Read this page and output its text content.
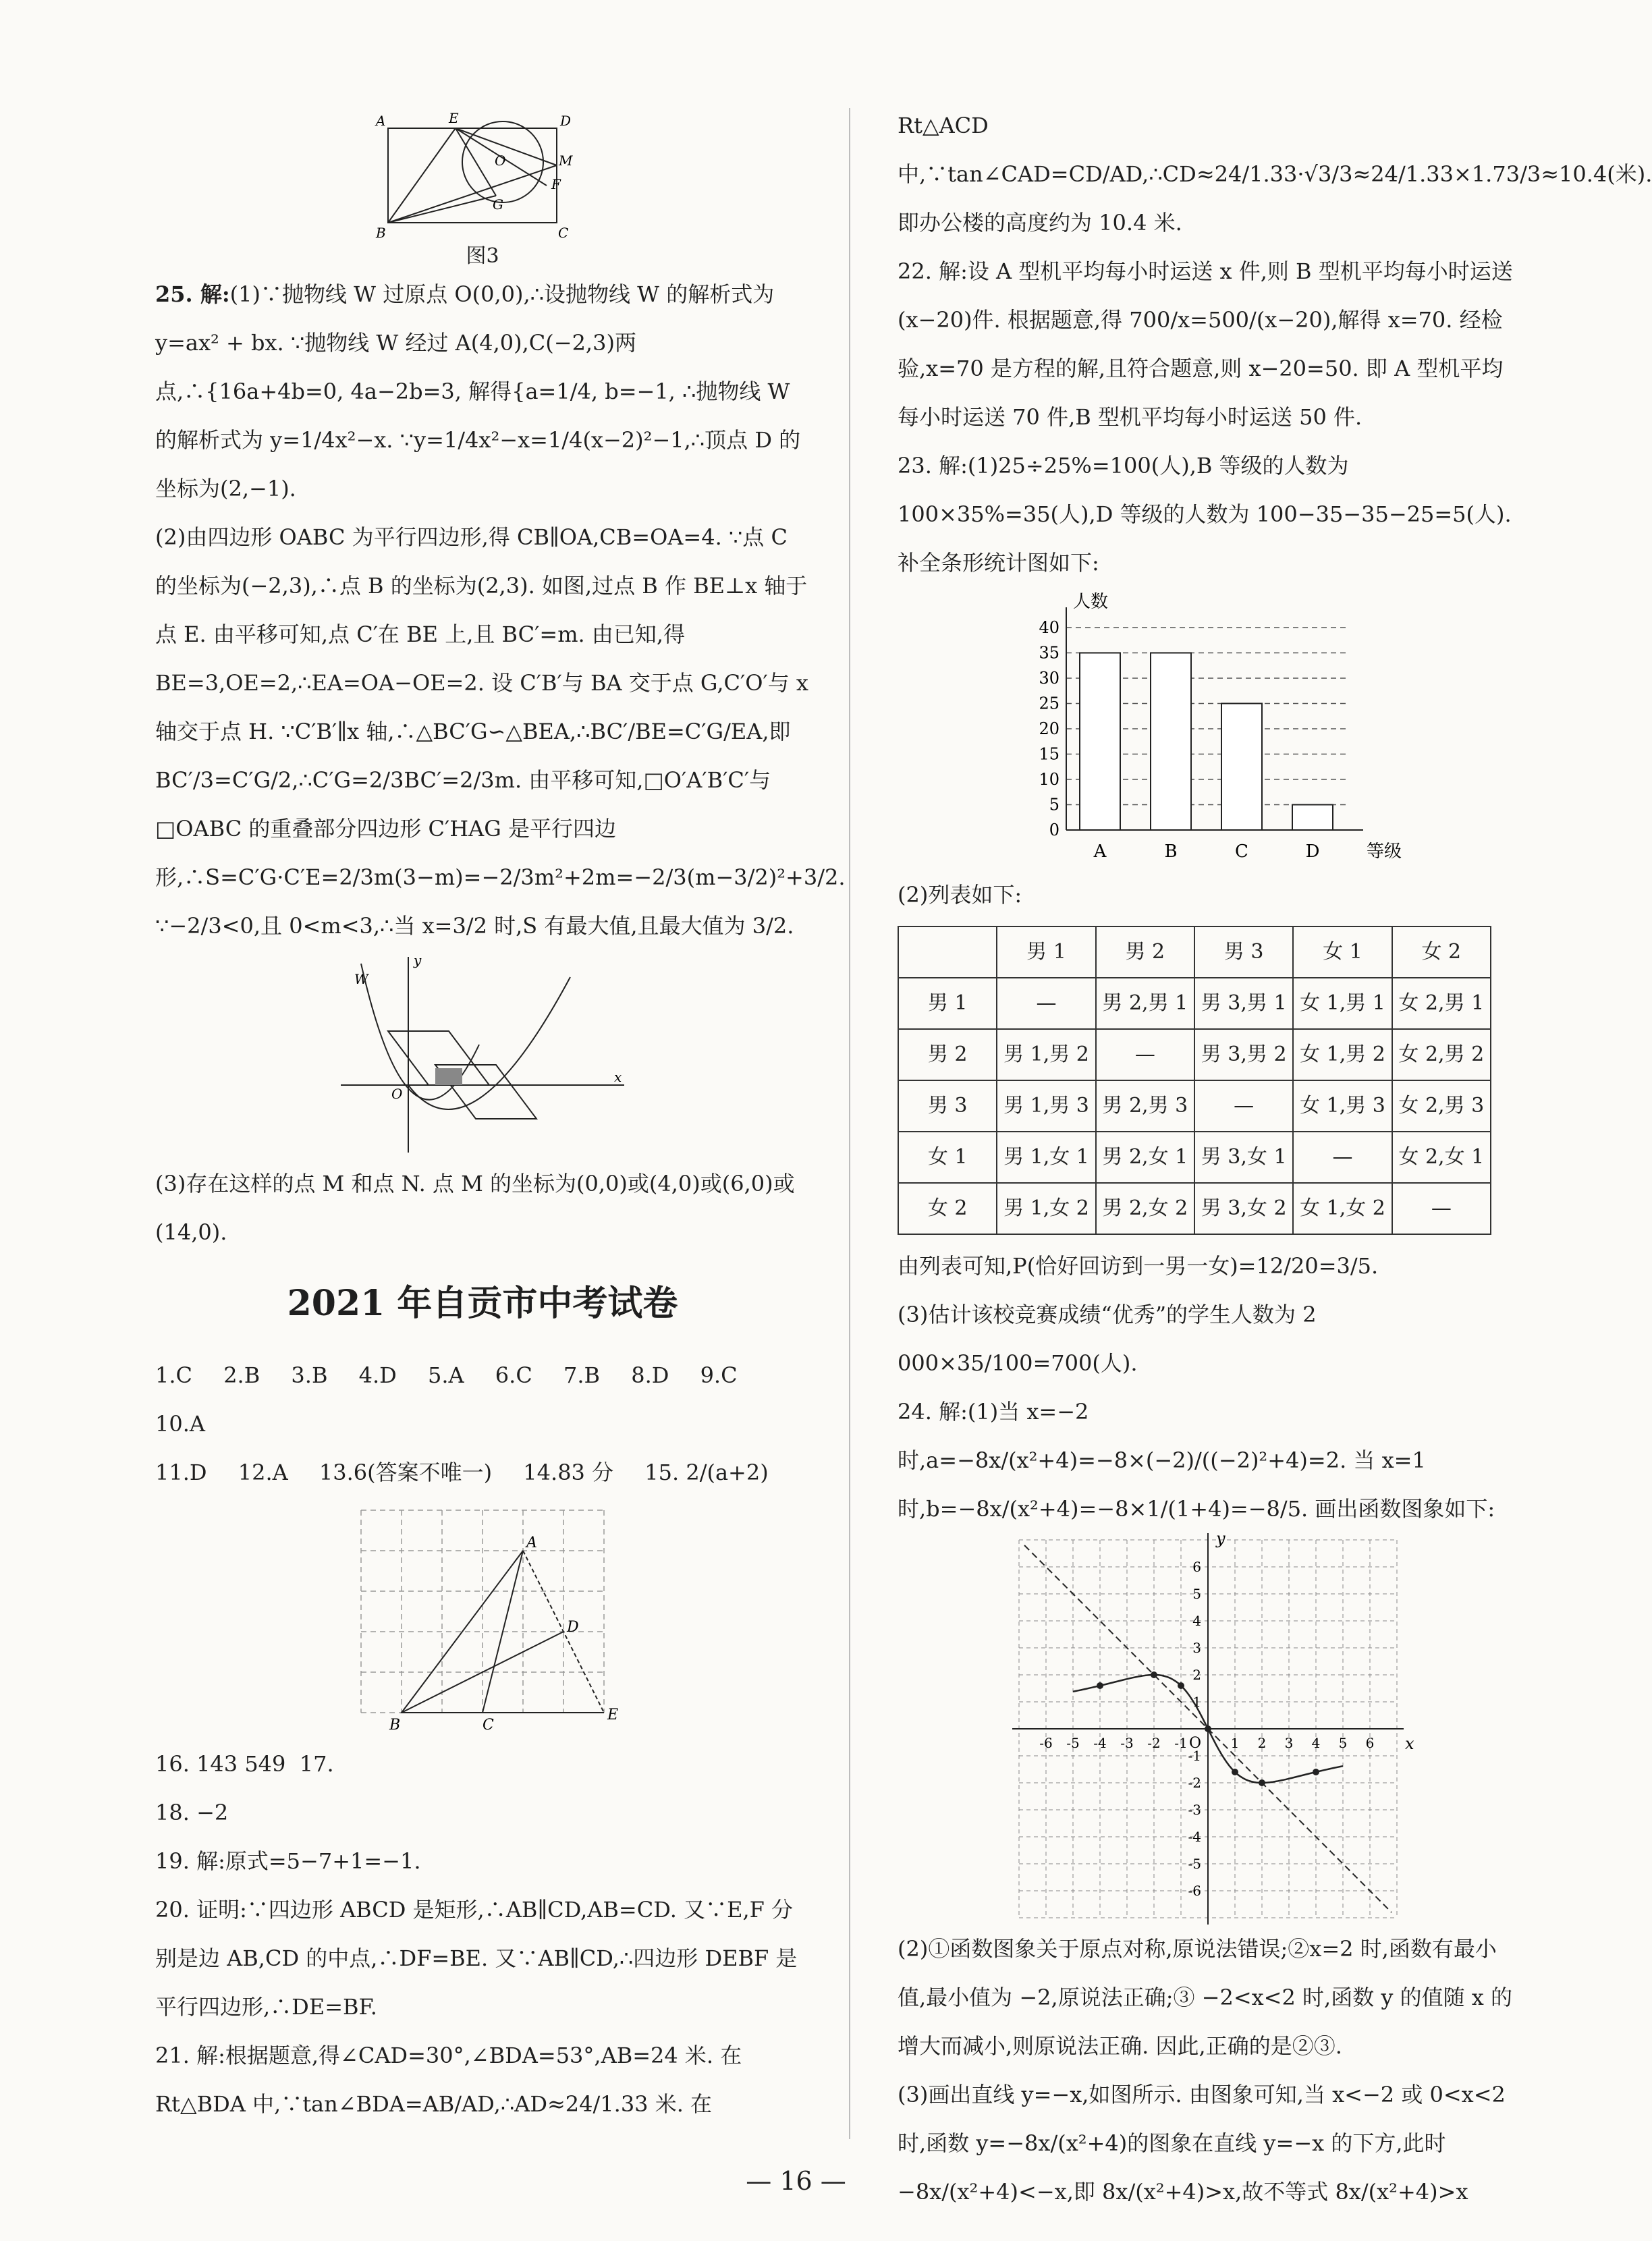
A	E	D
O	M
F
G
B	C
图3

25. 解:(1)∵抛物线 W 过原点 O(0,0),∴设抛物线 W 的解析式为 y=ax² + bx. ∵抛物线 W 经过 A(4,0),C(−2,3)两点,∴{16a+4b=0, 4a−2b=3, 解得{a=1/4, b=−1, ∴抛物线 W 的解析式为 y=1/4x²−x. ∵y=1/4x²−x=1/4(x−2)²−1,∴顶点 D 的坐标为(2,−1).

(2)由四边形 OABC 为平行四边形,得 CB∥OA,CB=OA=4. ∵点 C 的坐标为(−2,3),∴点 B 的坐标为(2,3). 如图,过点 B 作 BE⊥x 轴于点 E. 由平移可知,点 C′在 BE 上,且 BC′=m. 由已知,得 BE=3,OE=2,∴EA=OA−OE=2. 设 C′B′与 BA 交于点 G,C′O′与 x 轴交于点 H. ∵C′B′∥x 轴,∴△BC′G∽△BEA,∴BC′/BE=C′G/EA,即 BC′/3=C′G/2,∴C′G=2/3BC′=2/3m. 由平移可知,□O′A′B′C′与□OABC 的重叠部分四边形 C′HAG 是平行四边形,∴S=C′G·C′E=2/3m(3−m)=−2/3m²+2m=−2/3(m−3/2)²+3/2. ∵−2/3<0,且 0<m<3,∴当 x=3/2 时,S 有最大值,且最大值为 3/2.

y
x
W
O

(3)存在这样的点 M 和点 N. 点 M 的坐标为(0,0)或(4,0)或(6,0)或(14,0).

2021 年自贡市中考试卷

1.C 2.B 3.B 4.D 5.A 6.C 7.B 8.D 9.C 10.A

11.D 12.A 13.6(答案不唯一) 14.83 分 15. 2/(a+2)

A
D
B	C
E

16. 143 549 17.

18. −2

19. 解:原式=5−7+1=−1.

20. 证明:∵四边形 ABCD 是矩形,∴AB∥CD,AB=CD. 又∵E,F 分别是边 AB,CD 的中点,∴DF=BE. 又∵AB∥CD,∴四边形 DEBF 是平行四边形,∴DE=BF.

21. 解:根据题意,得∠CAD=30°,∠BDA=53°,AB=24 米. 在 Rt△BDA 中,∵tan∠BDA=AB/AD,∴AD≈24/1.33 米. 在

Rt△ACD 中,∵tan∠CAD=CD/AD,∴CD≈24/1.33·√3/3≈24/1.33×1.73/3≈10.4(米). 即办公楼的高度约为 10.4 米.

22. 解:设 A 型机平均每小时运送 x 件,则 B 型机平均每小时运送(x−20)件. 根据题意,得 700/x=500/(x−20),解得 x=70. 经检验,x=70 是方程的解,且符合题意,则 x−20=50. 即 A 型机平均每小时运送 70 件,B 型机平均每小时运送 50 件.

23. 解:(1)25÷25%=100(人),B 等级的人数为 100×35%=35(人),D 等级的人数为 100−35−35−25=5(人). 补全条形统计图如下:

0
5
10
15
20
25
30
35
40
人数
等级
A	B	C	D

(2)列表如下:

	男 1	男 2	男 3	女 1	女 2
男 1	—	男 2,男 1	男 3,男 1	女 1,男 1	女 2,男 1
男 2	男 1,男 2	—	男 3,男 2	女 1,男 2	女 2,男 2
男 3	男 1,男 3	男 2,男 3	—	女 1,男 3	女 2,男 3
女 1	男 1,女 1	男 2,女 1	男 3,女 1	—	女 2,女 1
女 2	男 1,女 2	男 2,女 2	男 3,女 2	女 1,女 2	—

由列表可知,P(恰好回访到一男一女)=12/20=3/5.

(3)估计该校竞赛成绩“优秀”的学生人数为 2 000×35/100=700(人).

24. 解:(1)当 x=−2 时,a=−8x/(x²+4)=−8×(−2)/((−2)²+4)=2. 当 x=1 时,b=−8x/(x²+4)=−8×1/(1+4)=−8/5. 画出函数图象如下:

x
y
O
-6 -5 -4 -3 -2 -1	1 2 3 4 5 6
6
5
4
3
2
1
-1
-2
-3
-4
-5
-6

(2)①函数图象关于原点对称,原说法错误;②x=2 时,函数有最小值,最小值为 −2,原说法正确;③ −2<x<2 时,函数 y 的值随 x 的增大而减小,则原说法正确. 因此,正确的是②③.

(3)画出直线 y=−x,如图所示. 由图象可知,当 x<−2 或 0<x<2 时,函数 y=−8x/(x²+4)的图象在直线 y=−x 的下方,此时−8x/(x²+4)<−x,即 8x/(x²+4)>x,故不等式 8x/(x²+4)>x

— 16 —
